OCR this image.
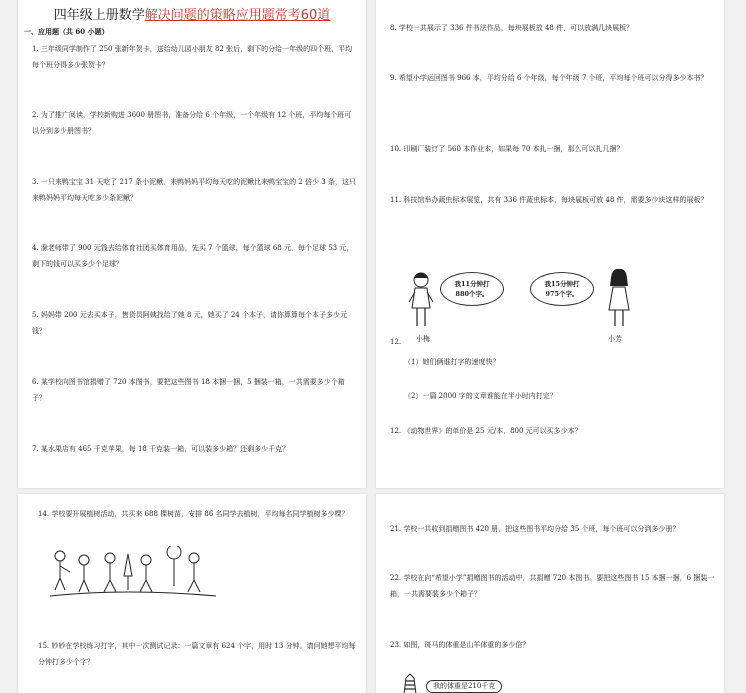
四年级上册数学解决问题的策略应用题常考60道
一、应用题（共 60 小题）
1. 三年级同学制作了 250 张新年贺卡，送给幼儿园小朋友 82 张后，剩下的分给一年级的四个班，平均每个班分得多少张贺卡？
2. 为了推广阅读，学校新购进 3600 册图书，准备分给 6 个年级，一个年级有 12 个班，平均每个班可以分到多少册图书？
3. 一只来鸭宝宝 31 天吃了 217 条小泥鳅，来鸭妈妈平均每天吃的泥鳅比来鸭宝宝的 2 倍少 3 条，这只来鸭妈妈平均每天吃多少条泥鳅？
4. 滁老师带了 900 元钱去给体育社团买体育用品，先买 7 个篮球，每个篮球 68 元，每个足球 53 元，剩下的钱可以买多少个足球？
5. 妈妈带 200 元去买本子，售货员阿姨找给了她 8 元，她买了 24 个本子，请你算算每个本子多少元钱？
6. 某学校向图书馆捐赠了 720 本图书，要把这些图书 18 本捆一捆，5 捆装一箱，一共需要多少个箱子？
7. 某水果店有 465 千克苹果，每 18 千克装一箱，可以装多少箱？还剩多少千克？
8. 学校一共展示了 336 件书法作品，每块展板放 48 件，可以放满几块展板？
9. 希望小学运回图书 966 本，平均分给 6 个年级，每个年级 7 个班，平均每个班可以分得多少本书？
10. 印刷厂装订了 560 本作业本，如果每 70 本扎一捆，那么可以扎几捆？
11. 科技馆举办蔬虫标本展览，共有 336 件蔬虫标本，每块展板可放 48 件，需要多少块这样的展板？
我11分钟打
880个字。
我15分钟打
975个字。
小梅	小芳
12.
（1）她们俩谁打字的速度快？
（2）一篇 2000 字的文章谁能在半小时内打完？
12. 《动物世界》的单价是 25 元/本，800 元可以买多少本？
14. 学校要开展植树活动，共买来 688 棵树苗，安排 86 名同学去植树，平均每名同学植树多少棵？
15. 妙妙在学校练习打字，其中一次测试记录：一篇文章有 624 个字，用时 13 分钟。请问她想平均每分钟打多少个字？
21. 学校一共收到捐赠图书 420 册，把这些图书平均分给 35 个班，每个班可以分到多少册？
22. 学校在向“希望小学”捐赠图书的活动中，共捐赠 720 本图书。要把这些图书 15 本捆一捆，6 捆装一箱，一共需要装多少个箱子？
23. 如图，斑马的体重是山羊体重的多少倍？
我的体重是210千克
